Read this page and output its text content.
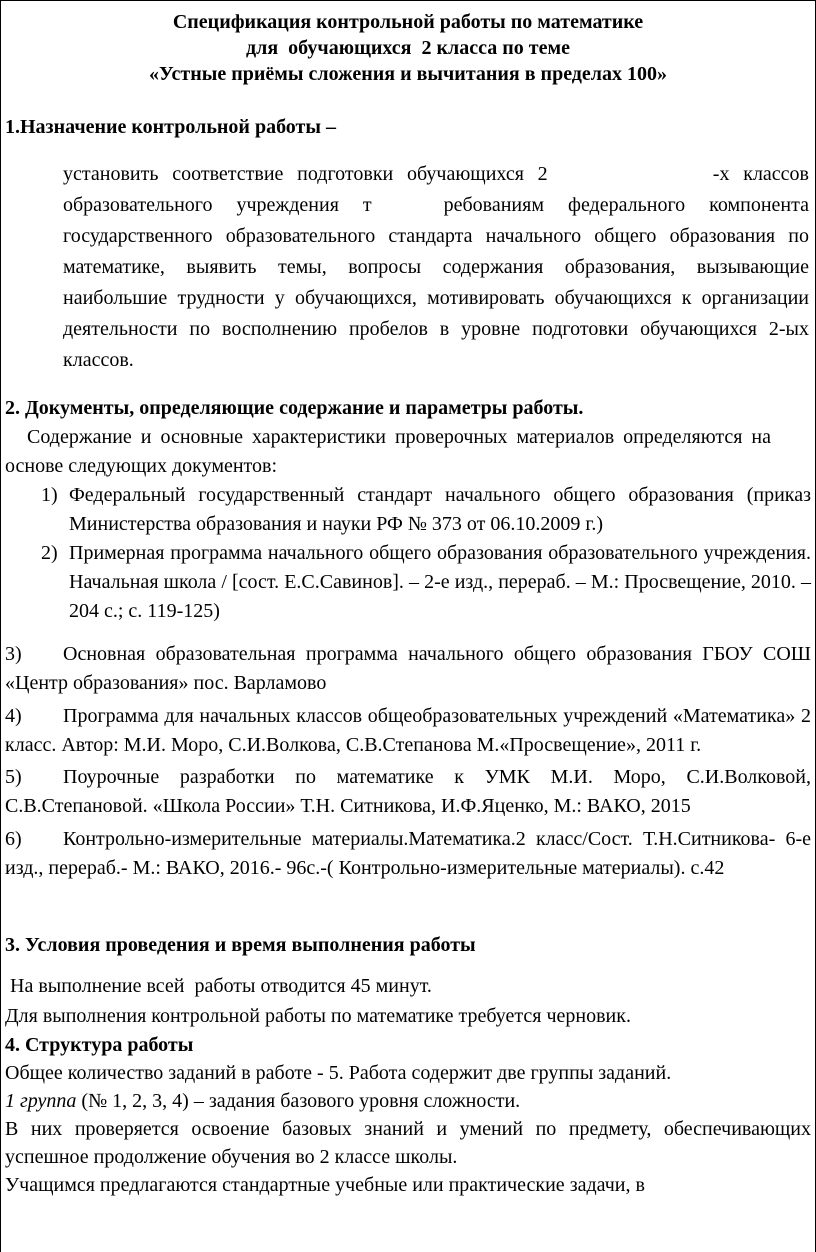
Спецификация контрольной работы по математике
для  обучающихся  2 класса по теме
«Устные приёмы сложения и вычитания в пределах 100»
1.Назначение контрольной работы –
установить соответствие подготовки обучающихся 2            -х классов образовательного учреждения т   ребованиям федерального компонента государственного образовательного стандарта начального общего образования по математике, выявить темы, вопросы содержания образования, вызывающие наибольшие трудности у обучающихся, мотивировать обучающихся к организации деятельности по восполнению пробелов в уровне подготовки обучающихся 2-ых классов.
2. Документы, определяющие содержание и параметры работы.
Содержание и основные характеристики проверочных материалов определяются на основе следующих документов:
1) Федеральный государственный стандарт начального общего образования (приказ Министерства образования и науки РФ № 373 от 06.10.2009 г.)
2) Примерная программа начального общего образования образовательного учреждения. Начальная школа / [сост. Е.С.Савинов]. – 2-е изд., перераб. – М.: Просвещение, 2010. – 204 с.; с. 119-125)
3) Основная образовательная программа начального общего образования ГБОУ СОШ «Центр образования» пос. Варламово
4) Программа для начальных классов общеобразовательных учреждений «Математика» 2 класс. Автор: М.И. Моро, С.И.Волкова, С.В.Степанова М.«Просвещение», 2011 г.
5) Поурочные разработки по математике к УМК М.И. Моро, С.И.Волковой, С.В.Степановой. «Школа России» Т.Н. Ситникова, И.Ф.Яценко, М.: ВАКО, 2015
6) Контрольно-измерительные материалы.Математика.2 класс/Сост. Т.Н.Ситникова- 6-е изд., перераб.- М.: ВАКО, 2016.- 96с.-( Контрольно-измерительные материалы). с.42
3. Условия проведения и время выполнения работы
На выполнение всей  работы отводится 45 минут.
Для выполнения контрольной работы по математике требуется черновик.
4. Структура работы
Общее количество заданий в работе - 5. Работа содержит две группы заданий.
1 группа (№ 1, 2, 3, 4) – задания базового уровня сложности.
В них проверяется освоение базовых знаний и умений по предмету, обеспечивающих успешное продолжение обучения во 2 классе школы.
Учащимся предлагаются стандартные учебные или практические задачи, в
